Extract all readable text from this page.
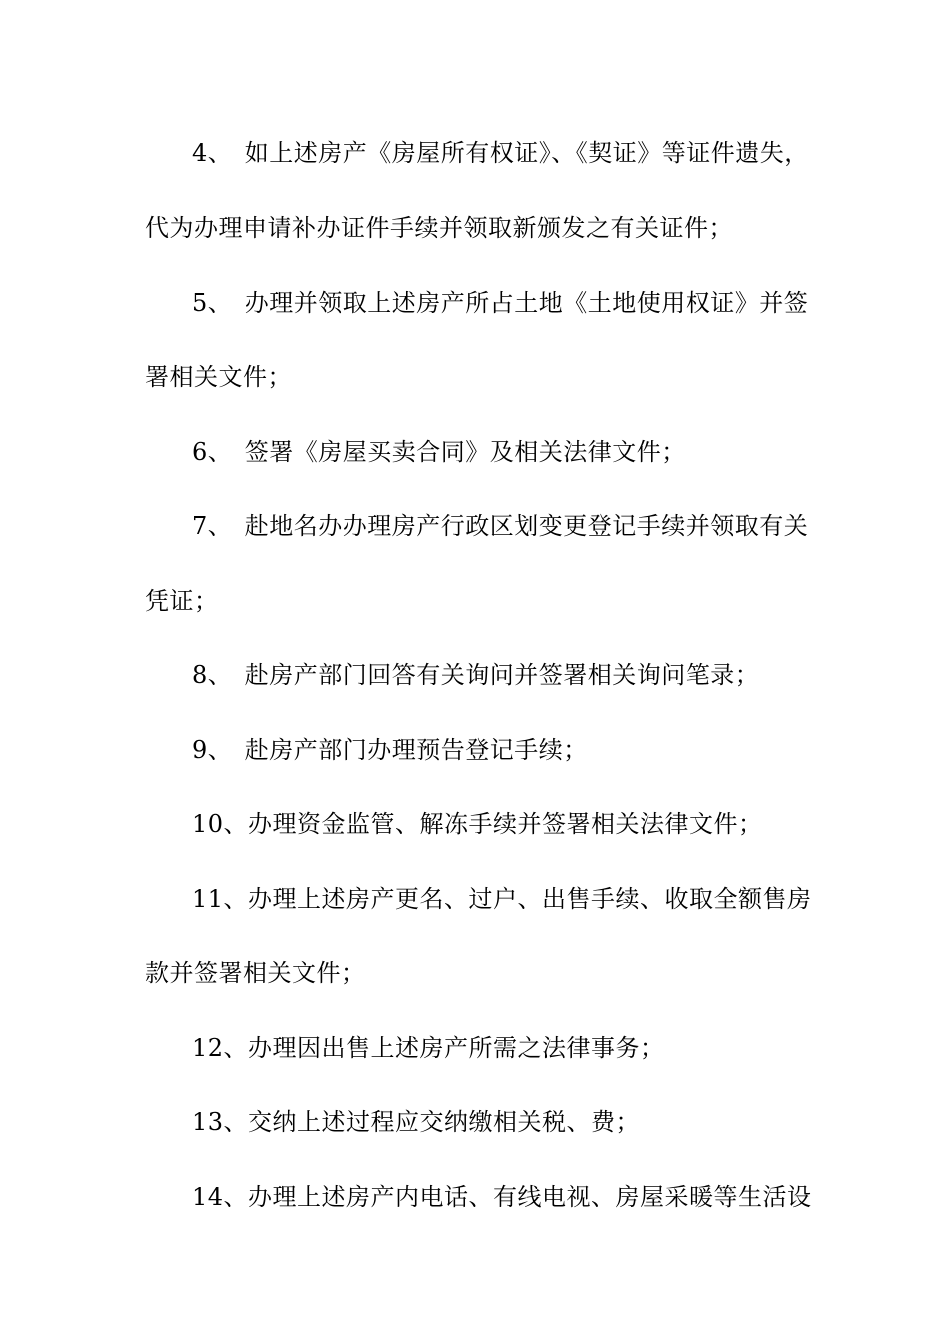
4、　如上述房产《房屋所有权证》、《契证》等证件遗失，
代为办理申请补办证件手续并领取新颁发之有关证件；
5、　办理并领取上述房产所占土地《土地使用权证》并签
署相关文件；
6、　签署《房屋买卖合同》及相关法律文件；
7、　赴地名办办理房产行政区划变更登记手续并领取有关
凭证；
8、　赴房产部门回答有关询问并签署相关询问笔录；
9、　赴房产部门办理预告登记手续；
10、办理资金监管、解冻手续并签署相关法律文件；
11、办理上述房产更名、过户、出售手续、收取全额售房
款并签署相关文件；
12、办理因出售上述房产所需之法律事务；
13、交纳上述过程应交纳缴相关税、费；
14、办理上述房产内电话、有线电视、房屋采暖等生活设
